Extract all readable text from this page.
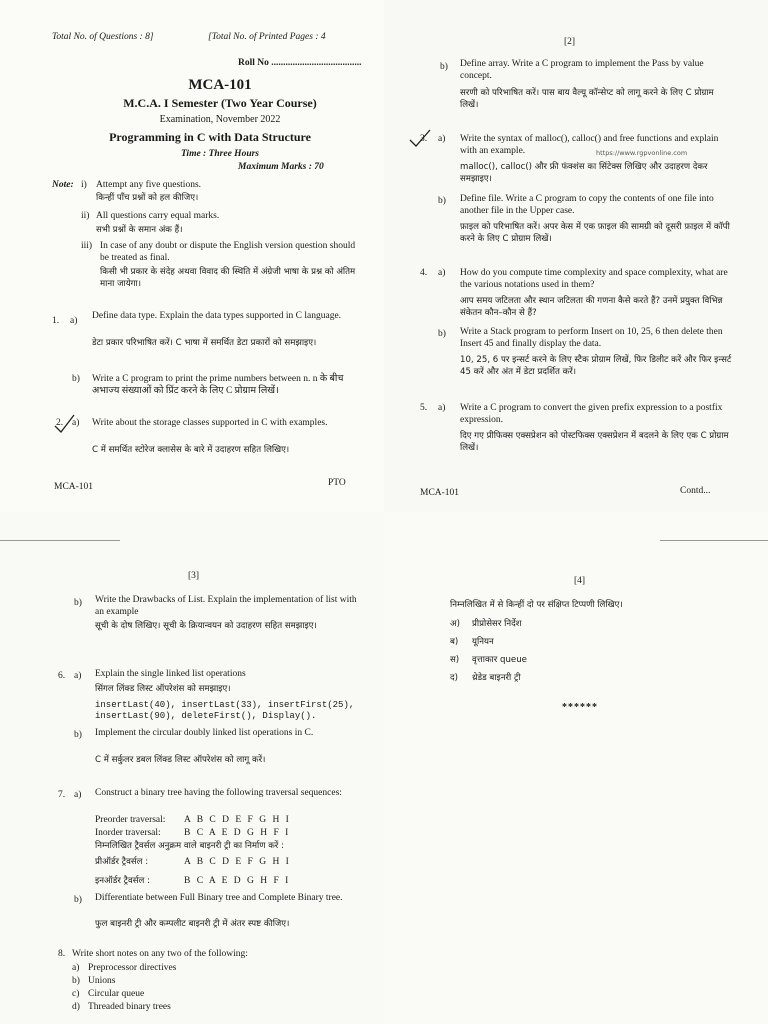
Total No. of Questions : 8]	[Total No. of Printed Pages : 4
Roll No ......................................
MCA-101
M.C.A. I Semester (Two Year Course)
Examination, November 2022
Programming in C with Data Structure
Time : Three Hours
Maximum Marks : 70
Note: i) Attempt any five questions.
किन्हीं पाँच प्रश्नों को हल कीजिए।
ii) All questions carry equal marks.
सभी प्रश्नों के समान अंक हैं।
iii) In case of any doubt or dispute the English version question should be treated as final.
किसी भी प्रकार के संदेह अथवा विवाद की स्थिति में अंग्रेजी भाषा के प्रश्न को अंतिम माना जायेगा।
1. a) Define data type. Explain the data types supported in C language.
डेटा प्रकार परिभाषित करें। C भाषा में समर्थित डेटा प्रकारों को समझाइए।
b) Write a C program to print the prime numbers between n. n के बीच अभाज्य संख्याओं को प्रिंट करने के लिए C प्रोग्राम लिखें।
2. a) Write about the storage classes supported in C with examples.
C में समर्थित स्टोरेज क्लासेस के बारे में उदाहरण सहित लिखिए।
MCA-101	PTO
[2]
b) Define array. Write a C program to implement the Pass by value concept.
सरणी को परिभाषित करें। पास बाय वैल्यू कॉन्सेप्ट को लागू करने के लिए C प्रोग्राम लिखें।
3. a) Write the syntax of malloc(), calloc() and free functions and explain with an example.	https://www.rgpvonline.com
malloc(), calloc() और फ्री फंक्शंस का सिंटेक्स लिखिए और उदाहरण देकर समझाइए।
b) Define file. Write a C program to copy the contents of one file into another file in the Upper case.
फ़ाइल को परिभाषित करें। अपर केस में एक फ़ाइल की सामग्री को दूसरी फ़ाइल में कॉपी करने के लिए C प्रोग्राम लिखें।
4. a) How do you compute time complexity and space complexity, what are the various notations used in them?
आप समय जटिलता और स्थान जटिलता की गणना कैसे करते हैं? उनमें प्रयुक्त विभिन्न संकेतन कौन–कौन से हैं?
b) Write a Stack program to perform Insert on 10, 25, 6 then delete then Insert 45 and finally display the data.
10, 25, 6 पर इन्सर्ट करने के लिए स्टैक प्रोग्राम लिखें, फिर डिलीट करें और फिर इन्सर्ट 45 करें और अंत में डेटा प्रदर्शित करें।
5. a) Write a C program to convert the given prefix expression to a postfix expression.
दिए गए प्रीफिक्स एक्सप्रेशन को पोस्टफिक्स एक्सप्रेशन में बदलने के लिए एक C प्रोग्राम लिखें।
MCA-101	Contd...
[3]
b) Write the Drawbacks of List. Explain the implementation of list with an example
सूची के दोष लिखिए। सूची के क्रियान्वयन को उदाहरण सहित समझाइए।
6. a) Explain the single linked list operations
सिंगल लिंक्ड लिस्ट ऑपरेशंस को समझाइए।
insertLast(40), insertLast(33), insertFirst(25),
insertLast(90), deleteFirst(), Display().
b) Implement the circular doubly linked list operations in C.
C में सर्कुलर डबल लिंक्ड लिस्ट ऑपरेशंस को लागू करें।
7. a) Construct a binary tree having the following traversal sequences:
Preorder traversal: A B C D E F G H I
Inorder traversal: B C A E D G H F I
निम्नलिखित ट्रैवर्सल अनुक्रम वाले बाइनरी ट्री का निर्माण करें :
प्रीऑर्डर ट्रैवर्सल :	A B C D E F G H I
इनऑर्डर ट्रैवर्सल :	B C A E D G H F I
b) Differentiate between Full Binary tree and Complete Binary tree.
फुल बाइनरी ट्री और कम्पलीट बाइनरी ट्री में अंतर स्पष्ट कीजिए।
8. Write short notes on any two of the following:
a) Preprocessor directives
b) Unions
c) Circular queue
d) Threaded binary trees
[4]
निम्नलिखित में से किन्हीं दो पर संक्षिप्त टिप्पणी लिखिए।
अ) प्रीप्रोसेसर निर्देश
ब) यूनियन
स) वृत्ताकार queue
द) थ्रेडेड बाइनरी ट्री
******
